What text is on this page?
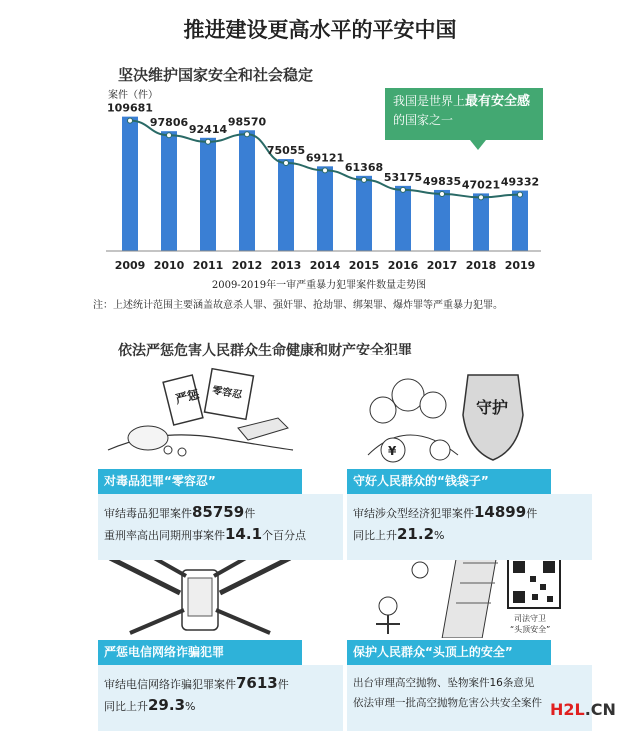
推进建设更高水平的平安中国
坚决维护国家安全和社会稳定
109681
97806
92414
98570
75055
69121
61368
53175 49835 47021 49332
2009 2010 2011 2012 2013 2014 2015 2016 2017 2018 2019
案件（件）
2009-2019年一审严重暴力犯罪案件数量走势图
我国是世界上最有安全感
的国家之一
注：上述统计范围主要涵盖故意杀人罪、强奸罪、抢劫罪、绑架罪、爆炸罪等严重暴力犯罪。
依法严惩危害人民群众生命健康和财产安全犯罪
严惩 零容忍
守护
¥
司法守卫
“头顶安全”
对毒品犯罪“零容忍”
审结毒品犯罪案件85759件
重刑率高出同期刑事案件14.1个百分点
守好人民群众的“钱袋子”
审结涉众型经济犯罪案件14899件
同比上升21.2%
严惩电信网络诈骗犯罪
审结电信网络诈骗犯罪案件7613件
同比上升29.3%
保护人民群众“头顶上的安全”
出台审理高空抛物、坠物案件16条意见
依法审理一批高空抛物危害公共安全案件 H2L.CN
